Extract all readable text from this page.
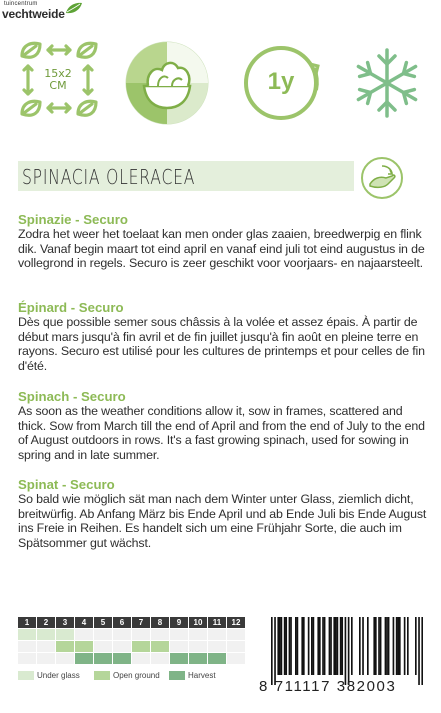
tuincentrum
vechtweide
15x2
CM	1y
SPINACIA OLERACEA
Spinazie - Securo

Zodra het weer het toelaat kan men onder glas zaaien, breedwerpig en flink dik. Vanaf begin maart tot eind april en vanaf eind juli tot eind augustus in de vollegrond in regels. Securo is zeer geschikt voor voorjaars- en najaarsteelt.

Épinard - Securo

Dès que possible semer sous châssis à la volée et assez épais. À partir de début mars jusqu'à fin avril et de fin juillet jusqu'à fin août en pleine terre en rayons. Securo est utilisé pour les cultures de printemps et pour celles de fin d'été.

Spinach - Securo

As soon as the weather conditions allow it, sow in frames, scattered and thick. Sow from March till the end of April and from the end of July to the end of August outdoors in rows. It's a fast growing spinach, used for sowing in spring and in late summer.

Spinat - Securo

So bald wie möglich sät man nach dem Winter unter Glass, ziemlich dicht, breitwürfig. Ab Anfang März bis Ende April und ab Ende Juli bis Ende August ins Freie in Reihen. Es handelt sich um eine Frühjahr Sorte, die auch im Spätsommer gut wächst.

1	2	3	4	5	6	7	8	9	10	11	12
Under glass	Open ground	Harvest
8 711117 382003
